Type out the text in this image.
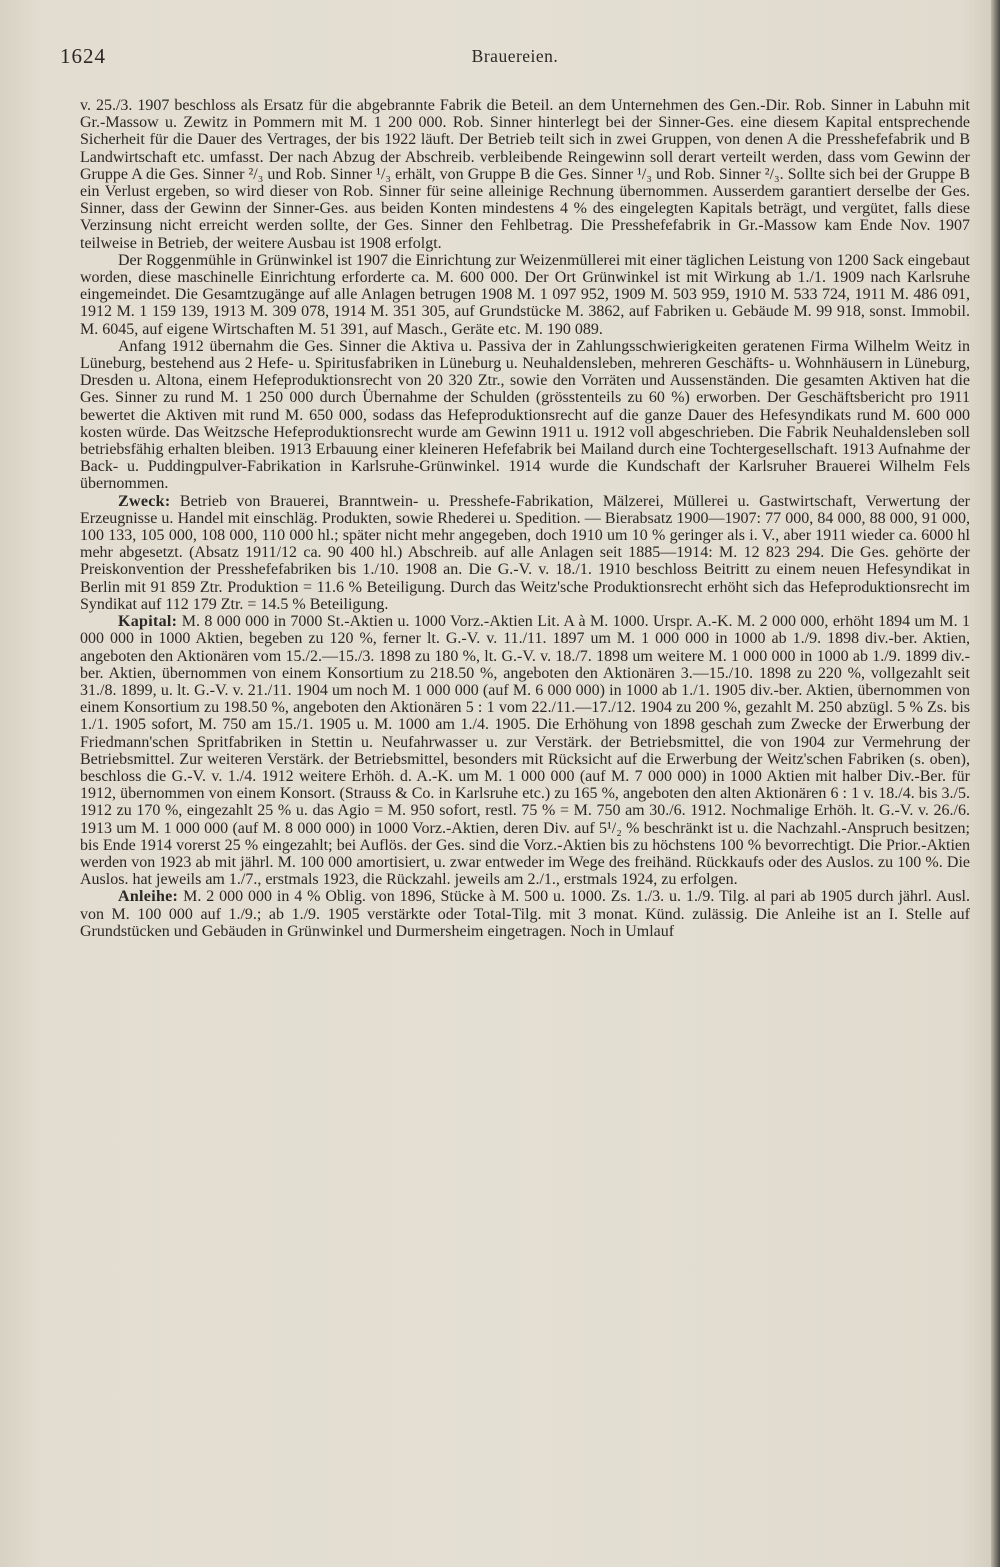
1624	Brauereien.

v. 25./3. 1907 beschloss als Ersatz für die abgebrannte Fabrik die Beteil. an dem Unternehmen des Gen.-Dir. Rob. Sinner in Labuhn mit Gr.-Massow u. Zewitz in Pommern mit M. 1 200 000. Rob. Sinner hinterlegt bei der Sinner-Ges. eine diesem Kapital entsprechende Sicherheit für die Dauer des Vertrages, der bis 1922 läuft. Der Betrieb teilt sich in zwei Gruppen, von denen A die Presshefefabrik und B Landwirtschaft etc. umfasst. Der nach Abzug der Abschreib. verbleibende Reingewinn soll derart verteilt werden, dass vom Gewinn der Gruppe A die Ges. Sinner ²/₃ und Rob. Sinner ¹/₃ erhält, von Gruppe B die Ges. Sinner ¹/₃ und Rob. Sinner ²/₃. Sollte sich bei der Gruppe B ein Verlust ergeben, so wird dieser von Rob. Sinner für seine alleinige Rechnung übernommen. Ausserdem garantiert derselbe der Ges. Sinner, dass der Gewinn der Sinner-Ges. aus beiden Konten mindestens 4 % des eingelegten Kapitals beträgt, und vergütet, falls diese Verzinsung nicht erreicht werden sollte, der Ges. Sinner den Fehlbetrag. Die Presshefefabrik in Gr.-Massow kam Ende Nov. 1907 teilweise in Betrieb, der weitere Ausbau ist 1908 erfolgt.

Der Roggenmühle in Grünwinkel ist 1907 die Einrichtung zur Weizenmüllerei mit einer täglichen Leistung von 1200 Sack eingebaut worden, diese maschinelle Einrichtung erforderte ca. M. 600 000. Der Ort Grünwinkel ist mit Wirkung ab 1./1. 1909 nach Karlsruhe eingemeindet. Die Gesamtzugänge auf alle Anlagen betrugen 1908 M. 1 097 952, 1909 M. 503 959, 1910 M. 533 724, 1911 M. 486 091, 1912 M. 1 159 139, 1913 M. 309 078, 1914 M. 351 305, auf Grundstücke M. 3862, auf Fabriken u. Gebäude M. 99 918, sonst. Immobil. M. 6045, auf eigene Wirtschaften M. 51 391, auf Masch., Geräte etc. M. 190 089.

Anfang 1912 übernahm die Ges. Sinner die Aktiva u. Passiva der in Zahlungsschwierigkeiten geratenen Firma Wilhelm Weitz in Lüneburg, bestehend aus 2 Hefe- u. Spiritusfabriken in Lüneburg u. Neuhaldensleben, mehreren Geschäfts- u. Wohnhäusern in Lüneburg, Dresden u. Altona, einem Hefeproduktionsrecht von 20 320 Ztr., sowie den Vorräten und Aussenständen. Die gesamten Aktiven hat die Ges. Sinner zu rund M. 1 250 000 durch Übernahme der Schulden (grösstenteils zu 60 %) erworben. Der Geschäftsbericht pro 1911 bewertet die Aktiven mit rund M. 650 000, sodass das Hefeproduktionsrecht auf die ganze Dauer des Hefesyndikats rund M. 600 000 kosten würde. Das Weitzsche Hefeproduktionsrecht wurde am Gewinn 1911 u. 1912 voll abgeschrieben. Die Fabrik Neuhaldensleben soll betriebsfähig erhalten bleiben. 1913 Erbauung einer kleineren Hefefabrik bei Mailand durch eine Tochtergesellschaft. 1913 Aufnahme der Back- u. Puddingpulver-Fabrikation in Karlsruhe-Grünwinkel. 1914 wurde die Kundschaft der Karlsruher Brauerei Wilhelm Fels übernommen.

Zweck: Betrieb von Brauerei, Branntwein- u. Presshefe-Fabrikation, Mälzerei, Müllerei u. Gastwirtschaft, Verwertung der Erzeugnisse u. Handel mit einschläg. Produkten, sowie Rhederei u. Spedition. — Bierabsatz 1900—1907: 77 000, 84 000, 88 000, 91 000, 100 133, 105 000, 108 000, 110 000 hl.; später nicht mehr angegeben, doch 1910 um 10 % geringer als i. V., aber 1911 wieder ca. 6000 hl mehr abgesetzt. (Absatz 1911/12 ca. 90 400 hl.) Abschreib. auf alle Anlagen seit 1885—1914: M. 12 823 294. Die Ges. gehörte der Preiskonvention der Presshefefabriken bis 1./10. 1908 an. Die G.-V. v. 18./1. 1910 beschloss Beitritt zu einem neuen Hefesyndikat in Berlin mit 91 859 Ztr. Produktion = 11.6 % Beteiligung. Durch das Weitz'sche Produktionsrecht erhöht sich das Hefeproduktionsrecht im Syndikat auf 112 179 Ztr. = 14.5 % Beteiligung.

Kapital: M. 8 000 000 in 7000 St.-Aktien u. 1000 Vorz.-Aktien Lit. A à M. 1000. Urspr. A.-K. M. 2 000 000, erhöht 1894 um M. 1 000 000 in 1000 Aktien, begeben zu 120 %, ferner lt. G.-V. v. 11./11. 1897 um M. 1 000 000 in 1000 ab 1./9. 1898 div.-ber. Aktien, angeboten den Aktionären vom 15./2.—15./3. 1898 zu 180 %, lt. G.-V. v. 18./7. 1898 um weitere M. 1 000 000 in 1000 ab 1./9. 1899 div.-ber. Aktien, übernommen von einem Konsortium zu 218.50 %, angeboten den Aktionären 3.—15./10. 1898 zu 220 %, vollgezahlt seit 31./8. 1899, u. lt. G.-V. v. 21./11. 1904 um noch M. 1 000 000 (auf M. 6 000 000) in 1000 ab 1./1. 1905 div.-ber. Aktien, übernommen von einem Konsortium zu 198.50 %, angeboten den Aktionären 5 : 1 vom 22./11.—17./12. 1904 zu 200 %, gezahlt M. 250 abzügl. 5 % Zs. bis 1./1. 1905 sofort, M. 750 am 15./1. 1905 u. M. 1000 am 1./4. 1905. Die Erhöhung von 1898 geschah zum Zwecke der Erwerbung der Friedmann'schen Spritfabriken in Stettin u. Neufahrwasser u. zur Verstärk. der Betriebsmittel, die von 1904 zur Vermehrung der Betriebsmittel. Zur weiteren Verstärk. der Betriebsmittel, besonders mit Rücksicht auf die Erwerbung der Weitz'schen Fabriken (s. oben), beschloss die G.-V. v. 1./4. 1912 weitere Erhöh. d. A.-K. um M. 1 000 000 (auf M. 7 000 000) in 1000 Aktien mit halber Div.-Ber. für 1912, übernommen von einem Konsort. (Strauss & Co. in Karlsruhe etc.) zu 165 %, angeboten den alten Aktionären 6 : 1 v. 18./4. bis 3./5. 1912 zu 170 %, eingezahlt 25 % u. das Agio = M. 950 sofort, restl. 75 % = M. 750 am 30./6. 1912. Nochmalige Erhöh. lt. G.-V. v. 26./6. 1913 um M. 1 000 000 (auf M. 8 000 000) in 1000 Vorz.-Aktien, deren Div. auf 5¹/₂ % beschränkt ist u. die Nachzahl.-Anspruch besitzen; bis Ende 1914 vorerst 25 % eingezahlt; bei Auflös. der Ges. sind die Vorz.-Aktien bis zu höchstens 100 % bevorrechtigt. Die Prior.-Aktien werden von 1923 ab mit jährl. M. 100 000 amortisiert, u. zwar entweder im Wege des freihänd. Rückkaufs oder des Auslos. zu 100 %. Die Auslos. hat jeweils am 1./7., erstmals 1923, die Rückzahl. jeweils am 2./1., erstmals 1924, zu erfolgen.

Anleihe: M. 2 000 000 in 4 % Oblig. von 1896, Stücke à M. 500 u. 1000. Zs. 1./3. u. 1./9. Tilg. al pari ab 1905 durch jährl. Ausl. von M. 100 000 auf 1./9.; ab 1./9. 1905 verstärkte oder Total-Tilg. mit 3 monat. Künd. zulässig. Die Anleihe ist an I. Stelle auf Grundstücken und Gebäuden in Grünwinkel und Durmersheim eingetragen. Noch in Umlauf
